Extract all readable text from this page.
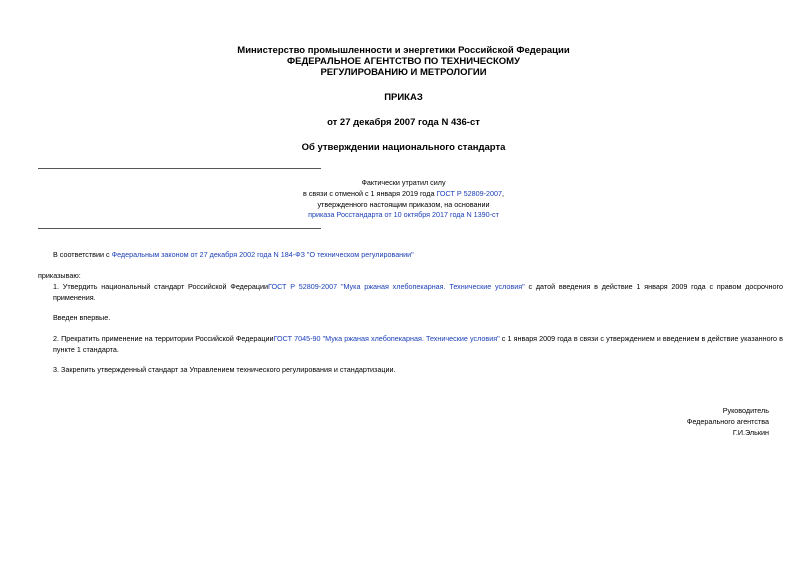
Министерство промышленности и энергетики Российской Федерации
ФЕДЕРАЛЬНОЕ АГЕНТСТВО ПО ТЕХНИЧЕСКОМУ
РЕГУЛИРОВАНИЮ И МЕТРОЛОГИИ
ПРИКАЗ
от 27 декабря 2007 года N 436-ст
Об утверждении национального стандарта
Фактически утратил силу
в связи с отменой с 1 января 2019 года ГОСТ Р 52809-2007,
утвержденного настоящим приказом, на основании
приказа Росстандарта от 10 октября 2017 года N 1390-ст
В соответствии с Федеральным законом от 27 декабря 2002 года N 184-ФЗ "О техническом регулировании"
приказываю:
1. Утвердить национальный стандарт Российской ФедерацииГОСТ Р 52809-2007 "Мука ржаная хлебопекарная. Технические условия" с датой введения в действие 1 января 2009 года с правом досрочного применения.
Введен впервые.
2. Прекратить применение на территории Российской ФедерацииГОСТ 7045-90 "Мука ржаная хлебопекарная. Технические условия" с 1 января 2009 года в связи с утверждением и введением в действие указанного в пункте 1 стандарта.
3. Закрепить утвержденный стандарт за Управлением технического регулирования и стандартизации.
Руководитель
Федерального агентства
Г.И.Элькин
